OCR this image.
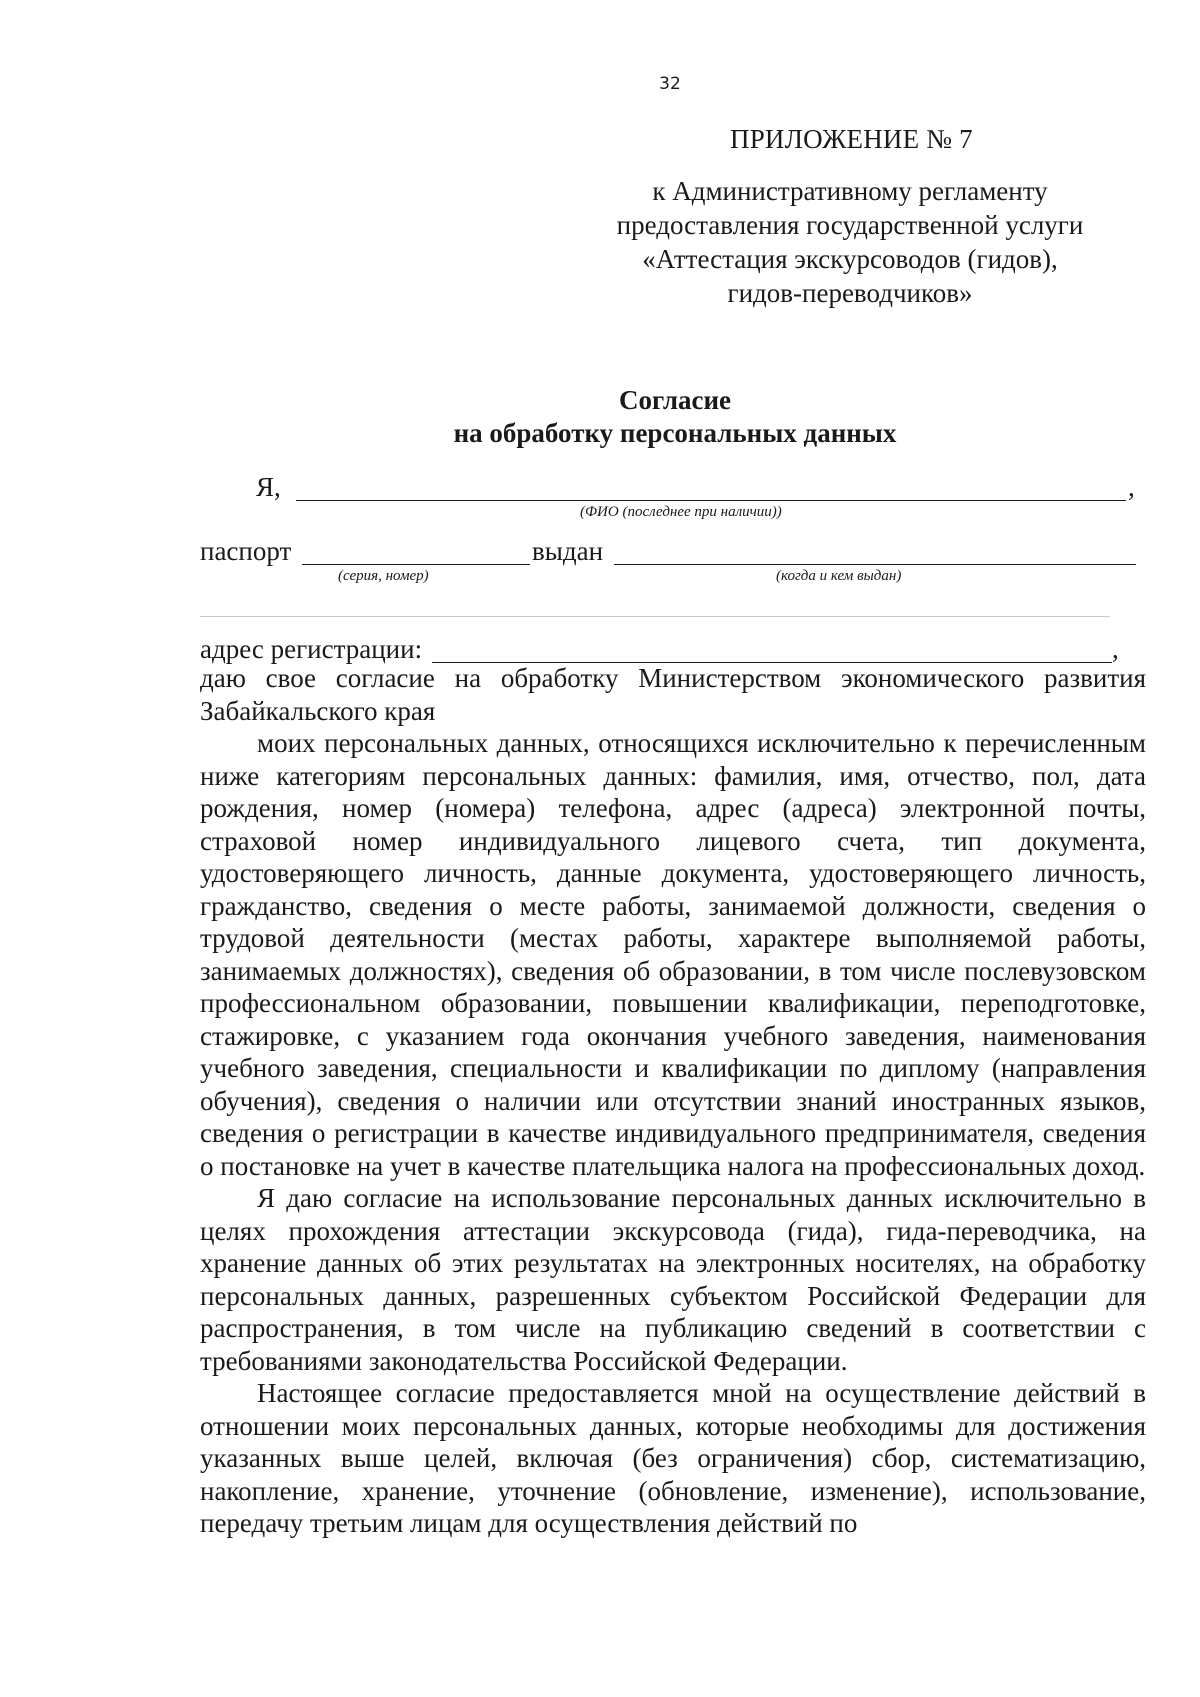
32
ПРИЛОЖЕНИЕ № 7
к Административному регламенту
предоставления государственной услуги
«Аттестация экскурсоводов (гидов),
гидов-переводчиков»
Согласие
на обработку персональных данных
Я,	,
(ФИО (последнее при наличии))
паспорт	выдан
(серия, номер)	(когда и кем выдан)
адрес регистрации:	,

даю свое согласие на обработку Министерством экономического развития Забайкальского края

моих персональных данных, относящихся исключительно к перечисленным ниже категориям персональных данных: фамилия, имя, отчество, пол, дата рождения, номер (номера) телефона, адрес (адреса) электронной почты, страховой номер индивидуального лицевого счета, тип документа, удостоверяющего личность, данные документа, удостоверяющего личность, гражданство, сведения о месте работы, занимаемой должности, сведения о трудовой деятельности (местах работы, характере выполняемой работы, занимаемых должностях), сведения об образовании, в том числе послевузовском профессиональном образовании, повышении квалификации, переподготовке, стажировке, с указанием года окончания учебного заведения, наименования учебного заведения, специальности и квалификации по диплому (направления обучения), сведения о наличии или отсутствии знаний иностранных языков, сведения о регистрации в качестве индивидуального предпринимателя, сведения о постановке на учет в качестве плательщика налога на профессиональных доход.

Я даю согласие на использование персональных данных исключительно в целях прохождения аттестации экскурсовода (гида), гида-переводчика, на хранение данных об этих результатах на электронных носителях, на обработку персональных данных, разрешенных субъектом Российской Федерации для распространения, в том числе на публикацию сведений в соответствии с требованиями законодательства Российской Федерации.

Настоящее согласие предоставляется мной на осуществление действий в отношении моих персональных данных, которые необходимы для достижения указанных выше целей, включая (без ограничения) сбор, систематизацию, накопление, хранение, уточнение (обновление, изменение), использование, передачу третьим лицам для осуществления действий по
